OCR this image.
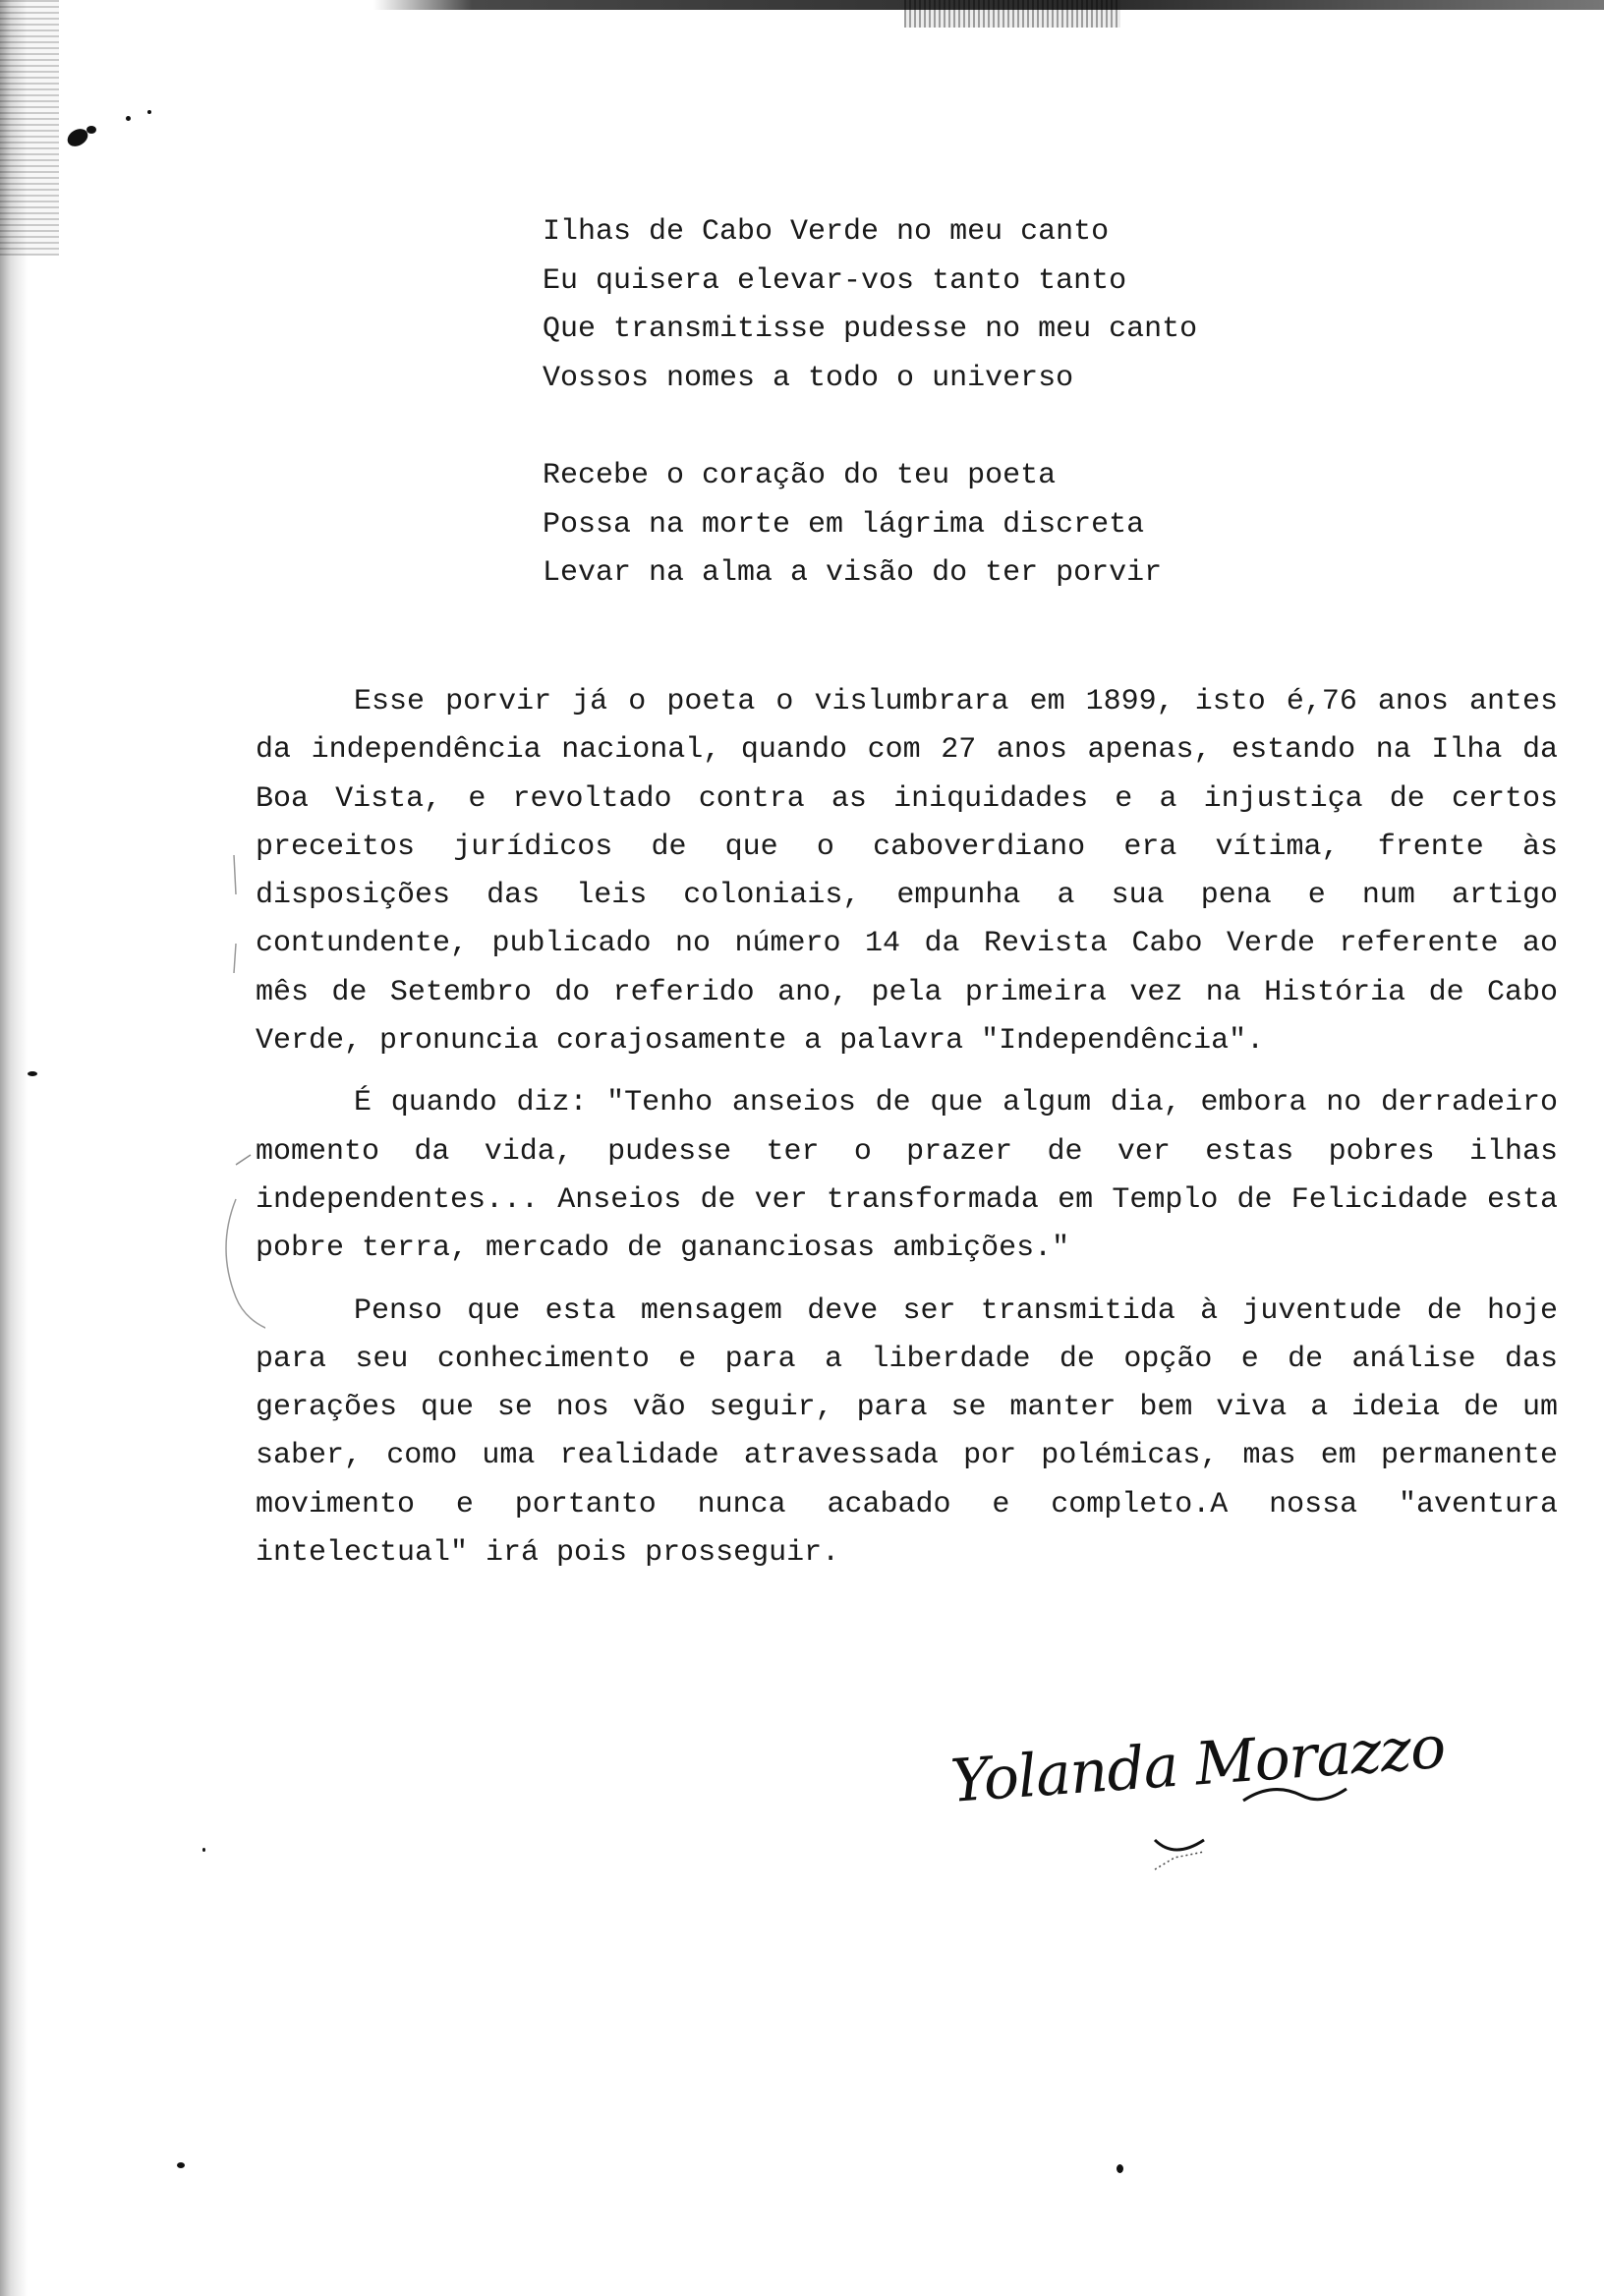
Ilhas de Cabo Verde no meu canto
Eu quisera elevar-vos tanto tanto
Que transmitisse pudesse no meu canto
Vossos nomes a todo o universo
Recebe o coração do teu poeta
Possa na morte em lágrima discreta
Levar na alma a visão do ter porvir

Esse porvir já o poeta o vislumbrara em 1899, isto é,76 anos antes da independência nacional, quando com 27 anos apenas, estando na Ilha da Boa Vista, e revoltado contra as iniquidades e a injustiça de certos preceitos jurídicos de que o caboverdiano era vítima, frente às disposições das leis coloniais, empunha a sua pena e num artigo contundente, publicado no número 14 da Revista Cabo Verde referente ao mês de Setembro do referido ano, pela primeira vez na História de Cabo Verde, pronuncia corajosamente a palavra "Independência".

É quando diz: "Tenho anseios de que algum dia, embora no derradeiro momento da vida, pudesse ter o prazer de ver estas pobres ilhas independentes... Anseios de ver transformada em Templo de Felicidade esta pobre terra, mercado de gananciosas ambições."

Penso que esta mensagem deve ser transmitida à juventude de hoje para seu conhecimento e para a liberdade de opção e de análise das gerações que se nos vão seguir, para se manter bem viva a ideia de um saber, como uma realidade atravessada por polémicas, mas em permanente movimento e portanto nunca acabado e completo.A nossa "aventura intelectual" irá pois prosseguir.

Yolanda Morazzo
